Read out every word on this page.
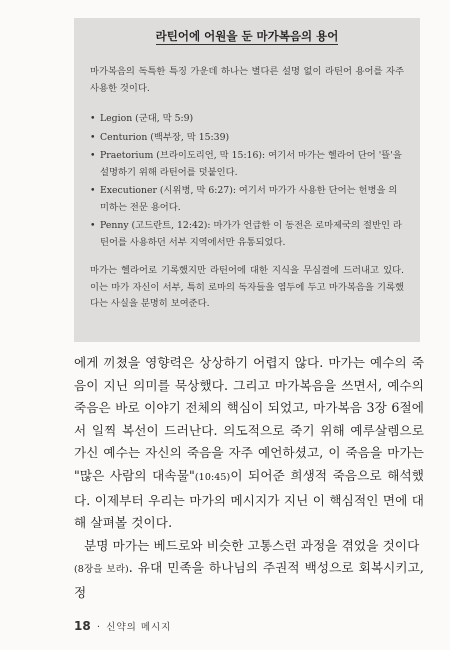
라틴어에 어원을 둔 마가복음의 용어

마가복음의 독특한 특징 가운데 하나는 별다른 설명 없이 라틴어 용어를 자주 사용한 것이다.

• Legion (군대, 막 5:9)
• Centurion (백부장, 막 15:39)
• Praetorium (브라이도리언, 막 15:16): 여기서 마가는 헬라어 단어 '뜰'을 설명하기 위해 라틴어를 덧붙인다.
• Executioner (시위병, 막 6:27): 여기서 마가가 사용한 단어는 헌병을 의미하는 전문 용어다.
• Penny (고드란트, 12:42): 마가가 언급한 이 동전은 로마제국의 절반인 라틴어를 사용하던 서부 지역에서만 유통되었다.

마가는 헬라어로 기록했지만 라틴어에 대한 지식을 무심결에 드러내고 있다. 이는 마가 자신이 서부, 특히 로마의 독자들을 염두에 두고 마가복음을 기록했다는 사실을 분명히 보여준다.

에게 끼쳤을 영향력은 상상하기 어렵지 않다. 마가는 예수의 죽음이 지닌 의미를 묵상했다. 그리고 마가복음을 쓰면서, 예수의 죽음은 바로 이야기 전체의 핵심이 되었고, 마가복음 3장 6절에서 일찍 복선이 드러난다. 의도적으로 죽기 위해 예루살렘으로 가신 예수는 자신의 죽음을 자주 예언하셨고, 이 죽음을 마가는 "많은 사람의 대속물"(10:45)이 되어준 희생적 죽음으로 해석했다. 이제부터 우리는 마가의 메시지가 지닌 이 핵심적인 면에 대해 살펴볼 것이다.

분명 마가는 베드로와 비슷한 고통스런 과정을 겪었을 것이다
(8장을 보라). 유대 민족을 하나님의 주권적 백성으로 회복시키고, 정

18 · 신약의 메시지
